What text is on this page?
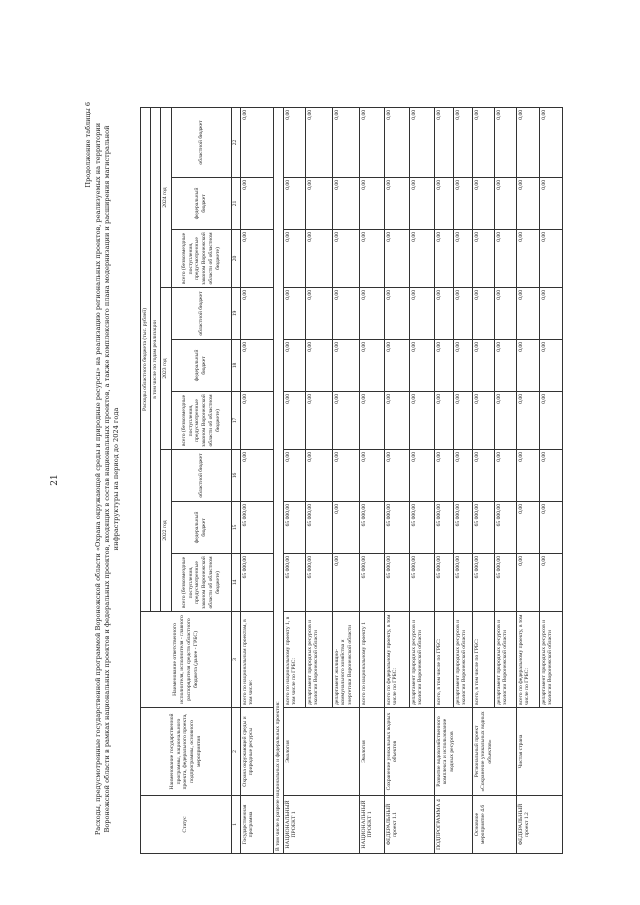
21
Продолжение таблицы 6 Расходы, предусмотренные государственной программой Воронежской области «Охрана окружающей среды и природные ресурсы» на реализацию региональных проектов, реализуемых на территории Воронежской области в рамках национальных проектов и федеральных проектов, входящих в состав национальных проектов, а также комплексного плана модернизации и расширения магистральной инфраструктуры на период до 2024 года
Статус	Наименование государственной программы, национального проекта, федерального проекта, подпрограммы, основного мероприятия	Наименование ответственного исполнителя, исполнителя - главного распорядителя средств областного бюджета (далее - ГРБС)	Расходы областного бюджета (тыс. рублей)								
			в том числе по годам реализации								
			2022 год			2023 год			2024 год		
			всего (безвозмездные поступления, предусмотренные законом Воронежской области об областном бюджете)	федеральный бюджет	областной бюджет	всего (безвозмездные поступления, предусмотренные законом Воронежской области об областном бюджете)	федеральный бюджет	областной бюджет	всего (безвозмездные поступления, предусмотренные законом Воронежской области об областном бюджете)	федеральный бюджет	областной бюджет
1	2	3	14	15	16	17	18	19	20	21	22
Государственная программа	Охрана окружающей среды и природные ресурсы	всего по национальным проектам, в том числе:	65 000,00	65 000,00	0,00	0,00	0,00	0,00	0,00	0,00	0,00
В том числе в разрезе национальных и федеральных проектов:											
НАЦИОНАЛЬНЫЙ ПРОЕКТ 1	Экология	всего по национальному проекту 1, в том числе по ГРБС:	65 000,00	65 000,00	0,00	0,00	0,00	0,00	0,00	0,00	0,00
		департамент природных ресурсов и экологии Воронежской области	65 000,00	65 000,00	0,00	0,00	0,00	0,00	0,00	0,00	0,00
		департамент жилищно-коммунального хозяйства и энергетики Воронежской области	0,00	0,00	0,00	0,00	0,00	0,00	0,00	0,00	0,00
НАЦИОНАЛЬНЫЙ ПРОЕКТ 1	Экология	всего по национальному проекту 1	65 000,00	65 000,00	0,00	0,00	0,00	0,00	0,00	0,00	0,00
ФЕДЕРАЛЬНЫЙ проект 1.1	Сохранение уникальных водных объектов	всего по федеральному проекту, в том числе по ГРБС:	65 000,00	65 000,00	0,00	0,00	0,00	0,00	0,00	0,00	0,00
		департамент природных ресурсов и экологии Воронежской области	65 000,00	65 000,00	0,00	0,00	0,00	0,00	0,00	0,00	0,00
ПОДПРОГРАММА 4	Развитие водохозяйственного комплекса и использование водных ресурсов	всего, в том числе по ГРБС:	65 000,00	65 000,00	0,00	0,00	0,00	0,00	0,00	0,00	0,00
		департамент природных ресурсов и экологии Воронежской области	65 000,00	65 000,00	0,00	0,00	0,00	0,00	0,00	0,00	0,00
Основное мероприятие 4.6	Региональный проект «Сохранение уникальных водных объектов»	всего, в том числе по ГРБС:	65 000,00	65 000,00	0,00	0,00	0,00	0,00	0,00	0,00	0,00
		департамент природных ресурсов и экологии Воронежской области	65 000,00	65 000,00	0,00	0,00	0,00	0,00	0,00	0,00	0,00
ФЕДЕРАЛЬНЫЙ проект 1.2	Чистая страна	всего по федеральному проекту, в том числе по ГРБС:	0,00	0,00	0,00	0,00	0,00	0,00	0,00	0,00	0,00
		департамент природных ресурсов и экологии Воронежской области	0,00	0,00	0,00	0,00	0,00	0,00	0,00	0,00	0,00
